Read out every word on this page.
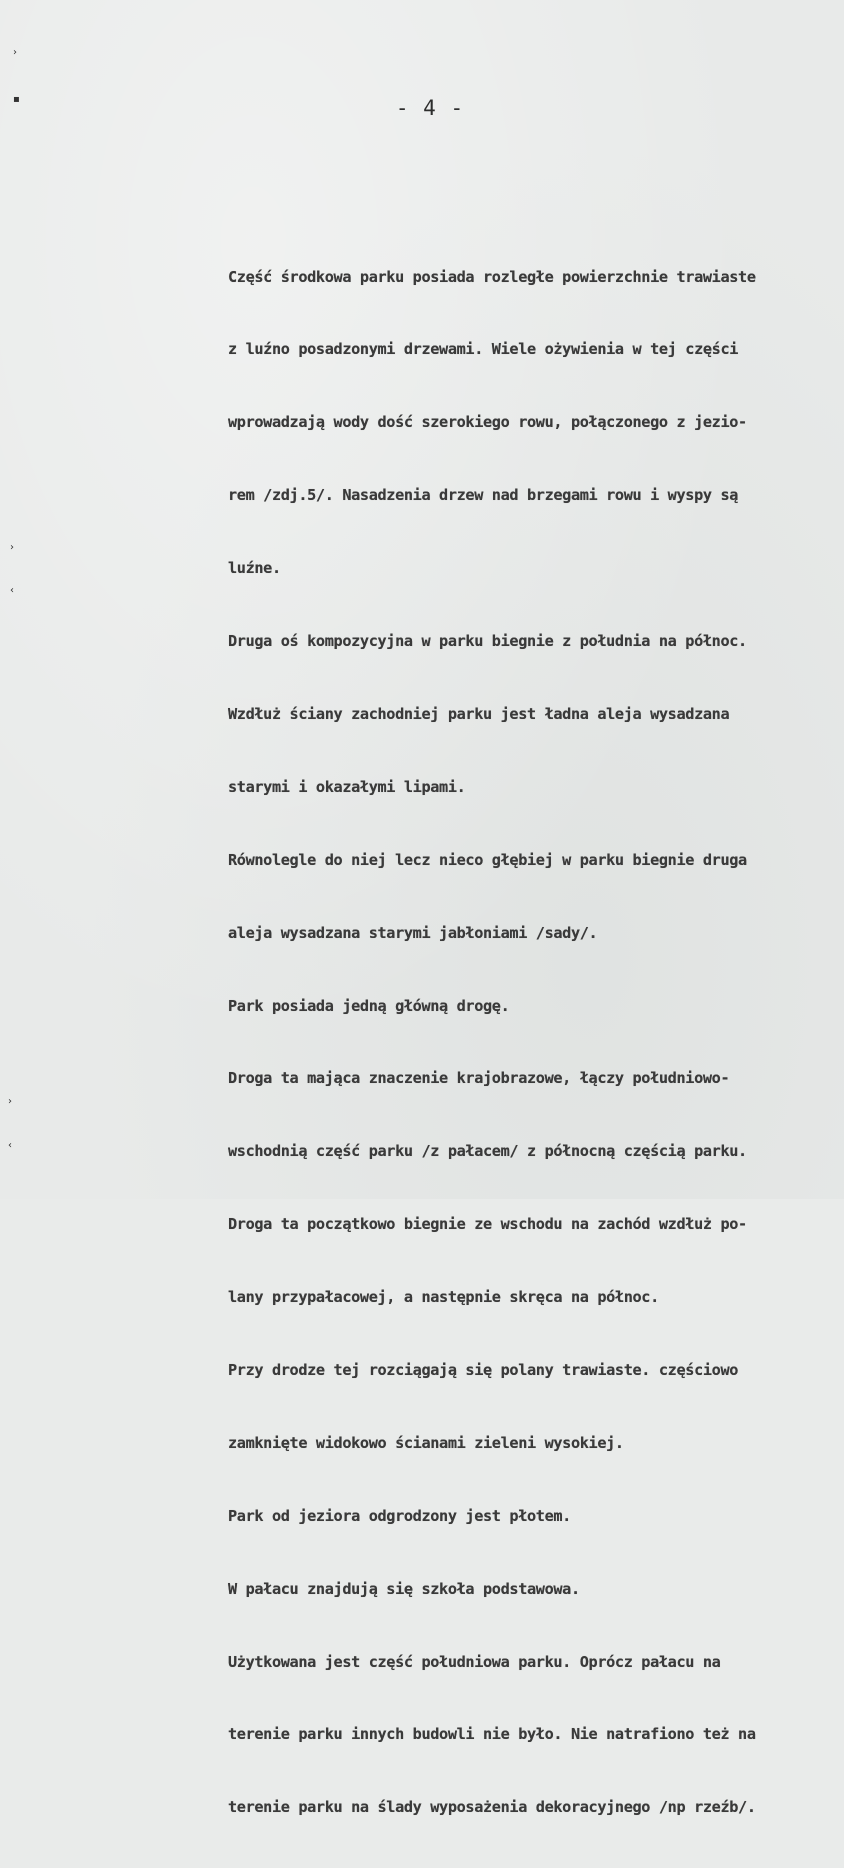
›
▪
›
‹
›
‹
- 4 -

Część środkowa parku posiada rozległe powierzchnie trawiaste

z luźno posadzonymi drzewami. Wiele ożywienia w tej części

wprowadzają wody dość szerokiego rowu, połączonego z jezio-

rem /zdj.5/. Nasadzenia drzew nad brzegami rowu i wyspy są

luźne.

Druga oś kompozycyjna w parku biegnie z południa na północ.

Wzdłuż ściany zachodniej parku jest ładna aleja wysadzana

starymi i okazałymi lipami.

Równolegle do niej lecz nieco głębiej w parku biegnie druga

aleja wysadzana starymi jabłoniami /sady/.

Park posiada jedną główną drogę.

Droga ta mająca znaczenie krajobrazowe, łączy południowo-

wschodnią część parku /z pałacem/ z północną częścią parku.

Droga ta początkowo biegnie ze wschodu na zachód wzdłuż po-

lany przypałacowej, a następnie skręca na północ.

Przy drodze tej rozciągają się polany trawiaste. częściowo

zamknięte widokowo ścianami zieleni wysokiej.

Park od jeziora odgrodzony jest płotem.

W pałacu znajdują się szkoła podstawowa.

Użytkowana jest część południowa parku. Oprócz pałacu na

terenie parku innych budowli nie było. Nie natrafiono też na

terenie parku na ślady wyposażenia dekoracyjnego /np rzeźb/.
